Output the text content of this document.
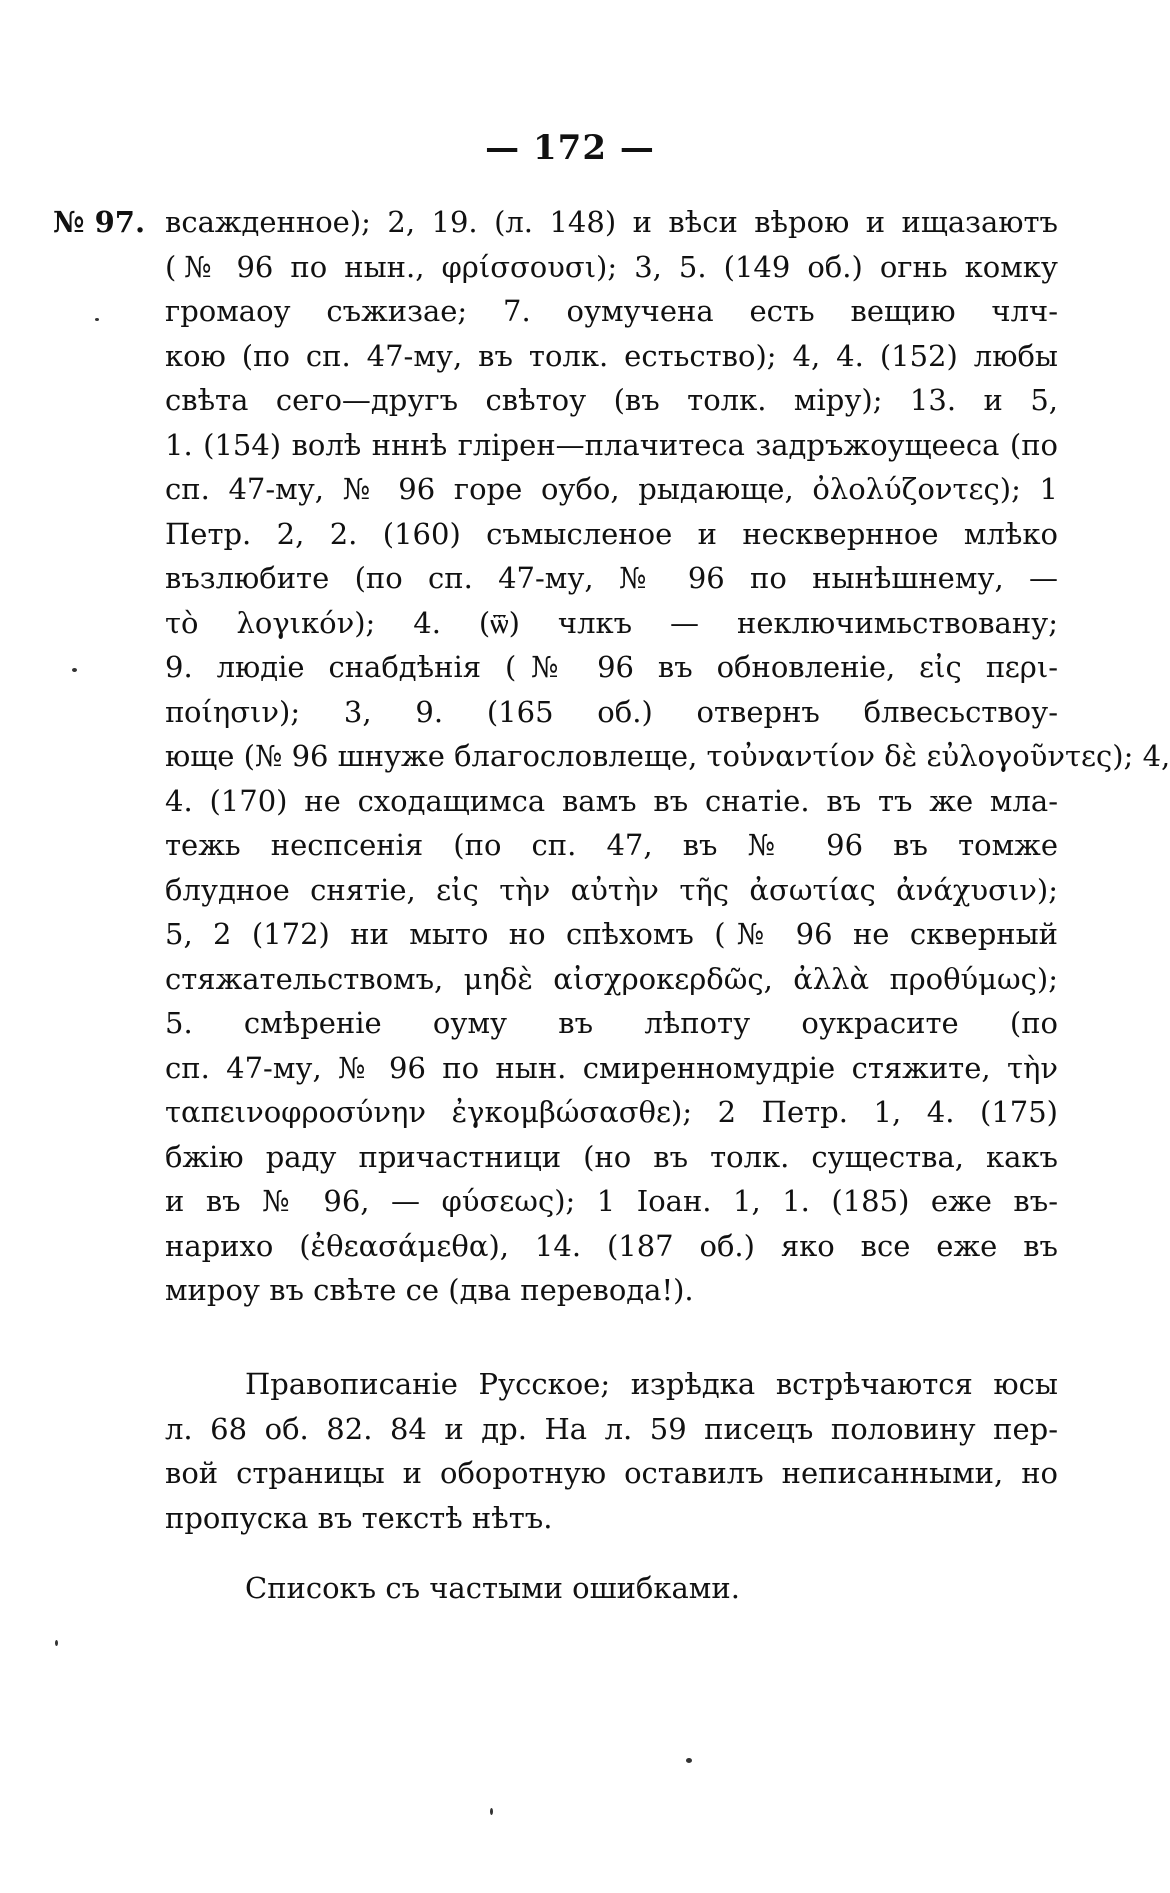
— 172 —
№ 97. всажденное); 2, 19. (л. 148) и вѣси вѣрою и ищазаютъ
(№ 96 по нын., φρίσσουσι); 3, 5. (149 об.) огнь комку
громаоу съжизае; 7. оумучена есть вещию члч-
кою (по сп. 47-му, въ толк. естьство); 4, 4. (152) любы
свѣта сего—другъ свѣтоу (въ толк. міру); 13. и 5,
1. (154) волѣ нннѣ глірен—плачитеса задръжоущееса (по
сп. 47-му, № 96 горе оубо, рыдающе, ὀλολύζοντες); 1
Петр. 2, 2. (160) съмысленое и несквернное млѣко
възлюбите (по сп. 47-му, № 96 по нынѣшнему, —
τὸ λογικόν); 4. (ѿ) члкъ — неключимьствовану;
9. людіе снабдѣнія (№ 96 въ обновленіе, εἰς περι-
ποίησιν); 3, 9. (165 об.) отвернъ блвесьствоу-
юще (№ 96 шнуже благословлеще, τοὐναντίον δὲ εὐλογοῦντες); 4,
4. (170) не сходащимса вамъ въ снатіе. въ тъ же мла-
тежь неспсенія (по сп. 47, въ № 96 въ томже
блудное снятіе, εἰς τὴν αὐτὴν τῆς ἀσωτίας ἀνάχυσιν);
5, 2 (172) ни мыто но спѣхомъ (№ 96 не скверный
стяжательствомъ, μηδὲ αἰσχροκερδῶς, ἀλλὰ προθύμως);
5. смѣреніе оуму въ лѣпоту оукрасите (по
сп. 47-му, № 96 по нын. смиренномудріе стяжите, τὴν
ταπεινοφροσύνην ἐγκομβώσασθε); 2 Петр. 1, 4. (175)
бжію раду причастници (но въ толк. существа, какъ
и въ № 96, — φύσεως); 1 Іоан. 1, 1. (185) еже въ-
нарихо (ἐθεασάμεθα), 14. (187 об.) яко все еже въ
мироу въ свѣте се (два перевода!).
Правописаніе Русское; изрѣдка встрѣчаются юсы
л. 68 об. 82. 84 и др. На л. 59 писецъ половину пер-
вой страницы и оборотную оставилъ неписанными, но
пропуска въ текстѣ нѣтъ.
Списокъ съ частыми ошибками.
